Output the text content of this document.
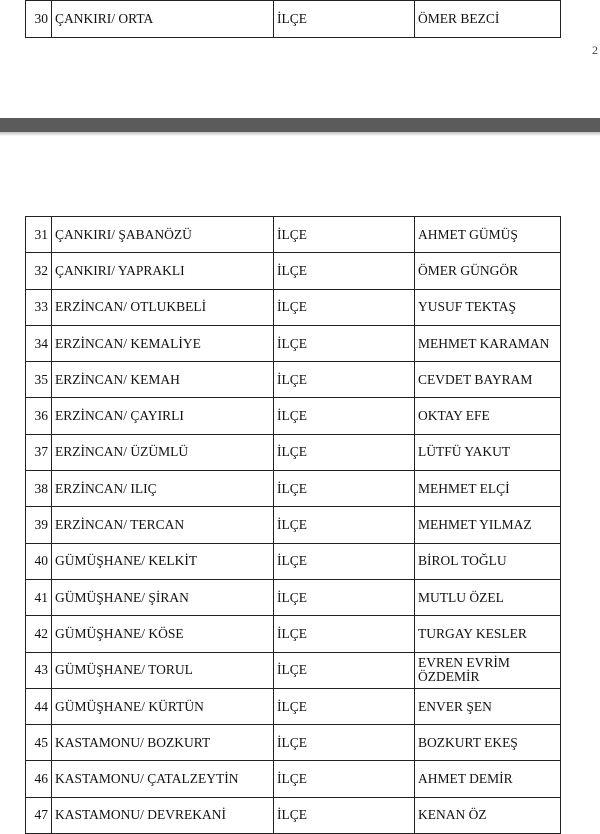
30	ÇANKIRI/ ORTA	İLÇE	ÖMER BEZCİ
2
31	ÇANKIRI/ ŞABANÖZÜ	İLÇE	AHMET GÜMÜŞ
32	ÇANKIRI/ YAPRAKLI	İLÇE	ÖMER GÜNGÖR
33	ERZİNCAN/ OTLUKBELİ	İLÇE	YUSUF TEKTAŞ
34	ERZİNCAN/ KEMALİYE	İLÇE	MEHMET KARAMAN
35	ERZİNCAN/ KEMAH	İLÇE	CEVDET BAYRAM
36	ERZİNCAN/ ÇAYIRLI	İLÇE	OKTAY EFE
37	ERZİNCAN/ ÜZÜMLÜ	İLÇE	LÜTFÜ YAKUT
38	ERZİNCAN/ ILIÇ	İLÇE	MEHMET ELÇİ
39	ERZİNCAN/ TERCAN	İLÇE	MEHMET YILMAZ
40	GÜMÜŞHANE/ KELKİT	İLÇE	BİROL TOĞLU
41	GÜMÜŞHANE/ ŞİRAN	İLÇE	MUTLU ÖZEL
42	GÜMÜŞHANE/ KÖSE	İLÇE	TURGAY KESLER
43	GÜMÜŞHANE/ TORUL	İLÇE	EVREN EVRİM ÖZDEMİR
44	GÜMÜŞHANE/ KÜRTÜN	İLÇE	ENVER ŞEN
45	KASTAMONU/ BOZKURT	İLÇE	BOZKURT EKEŞ
46	KASTAMONU/ ÇATALZEYTİN	İLÇE	AHMET DEMİR
47	KASTAMONU/ DEVREKANİ	İLÇE	KENAN ÖZ
